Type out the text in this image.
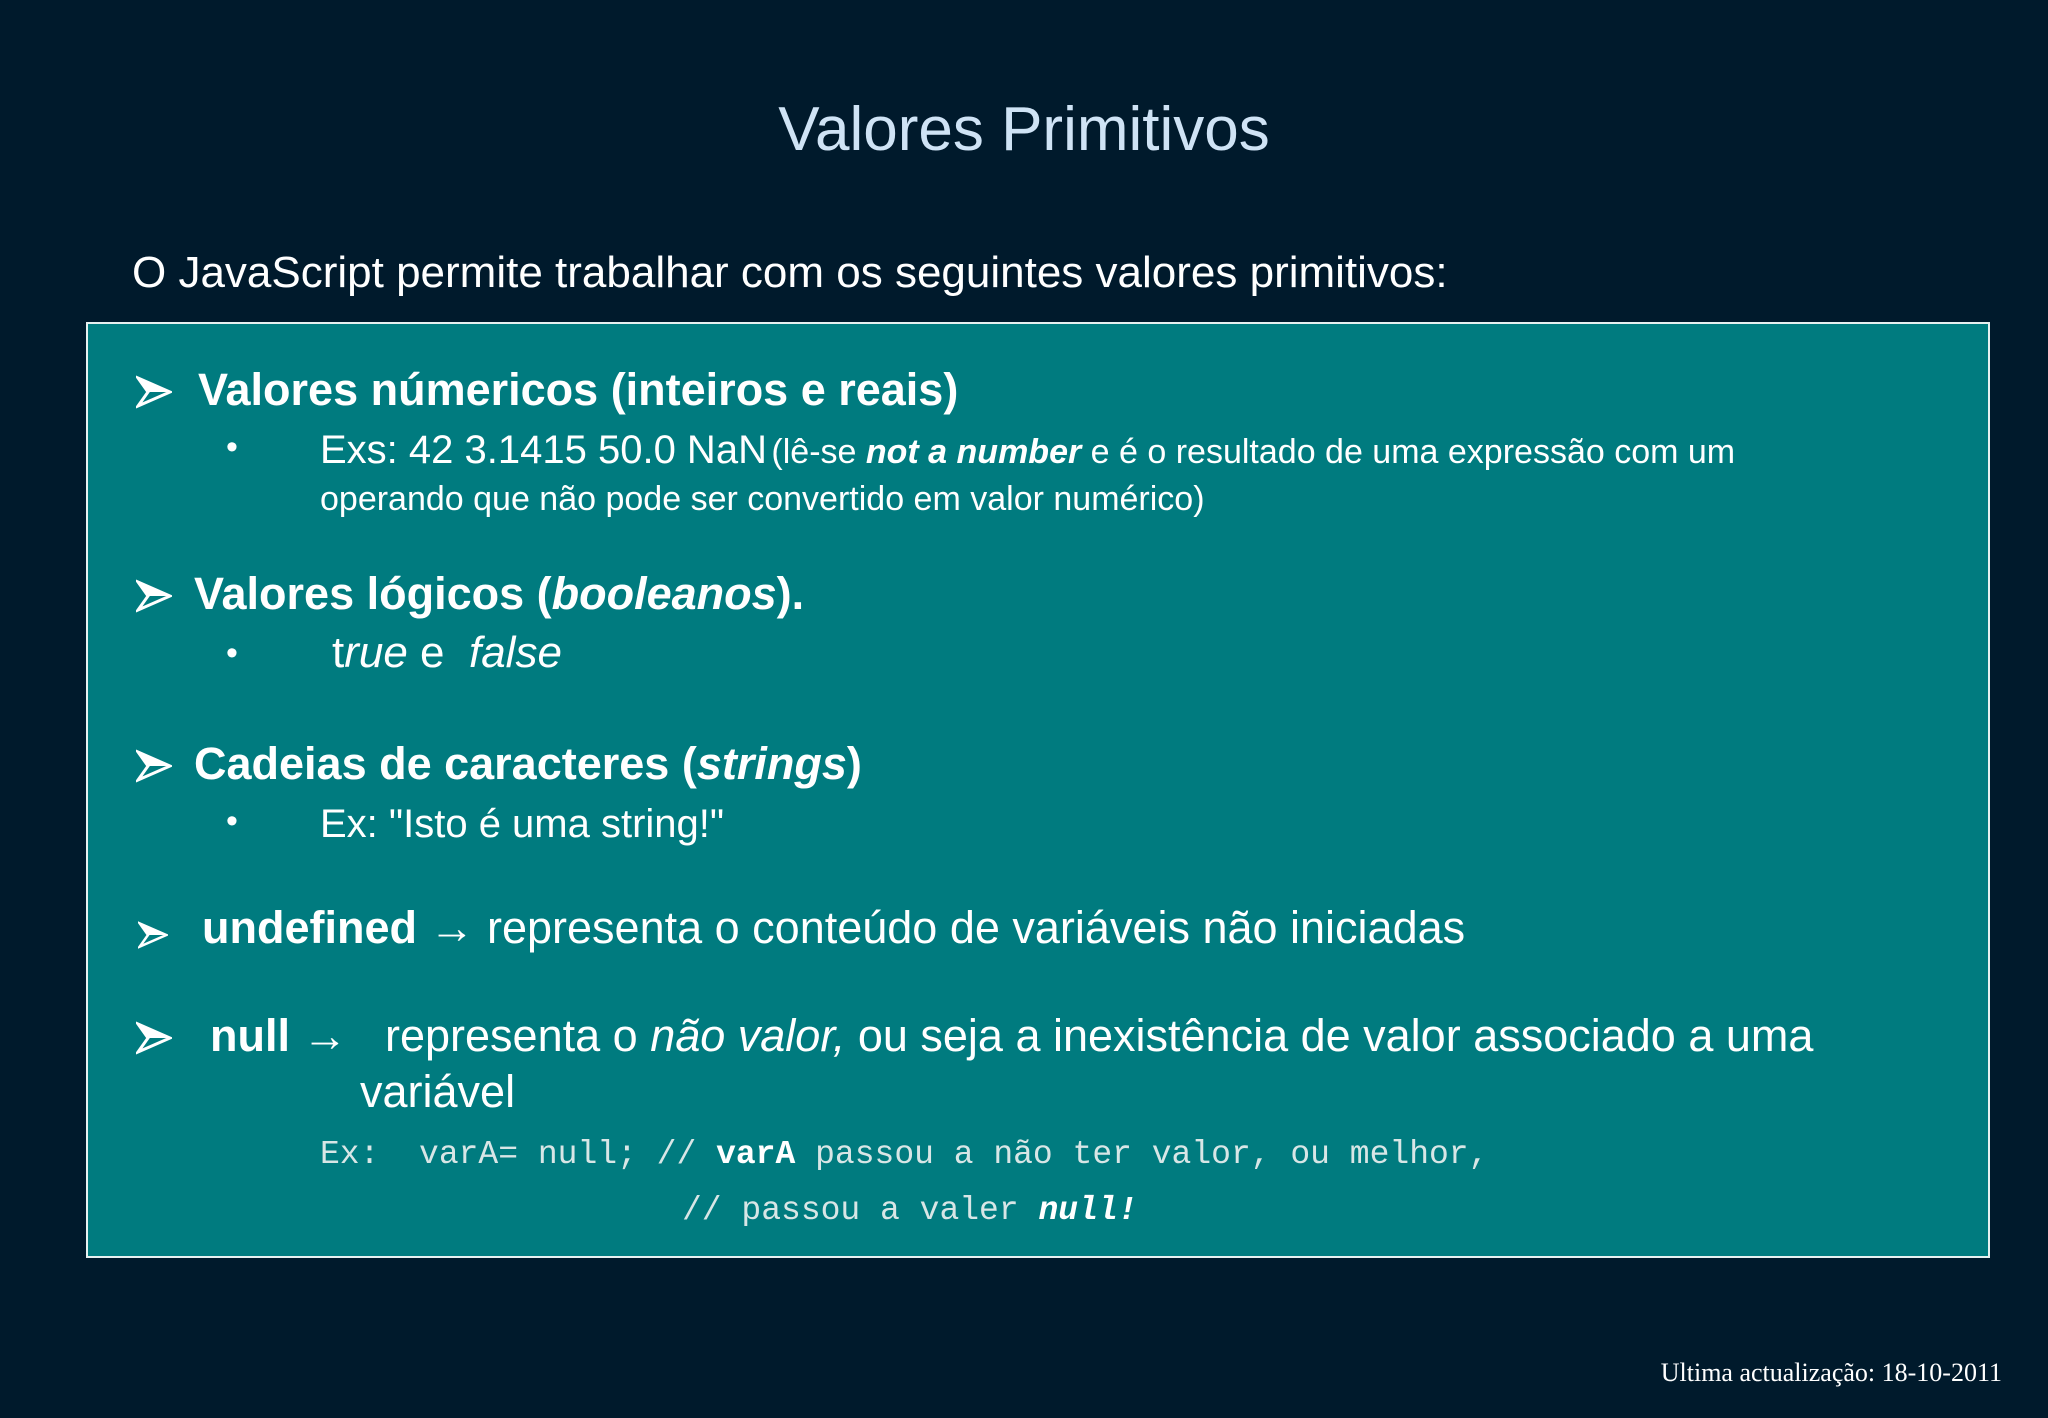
Valores Primitivos
O JavaScript permite trabalhar com os seguintes valores primitivos:
Valores númericos (inteiros e reais)
• Exs: 42 3.1415 50.0 NaN (lê-se not a number e é o resultado de uma expressão com um
operando que não pode ser convertido em valor numérico)
Valores lógicos (booleanos).
• true e  false
Cadeias de caracteres (strings)
• Ex: "Isto é uma string!"
undefined → representa o conteúdo de variáveis não iniciadas
null →   representa o não valor, ou seja a inexistência de valor associado a uma
variável
Ex:  varA= null; // varA passou a não ter valor, ou melhor,
// passou a valer null!
Ultima actualização: 18-10-2011
